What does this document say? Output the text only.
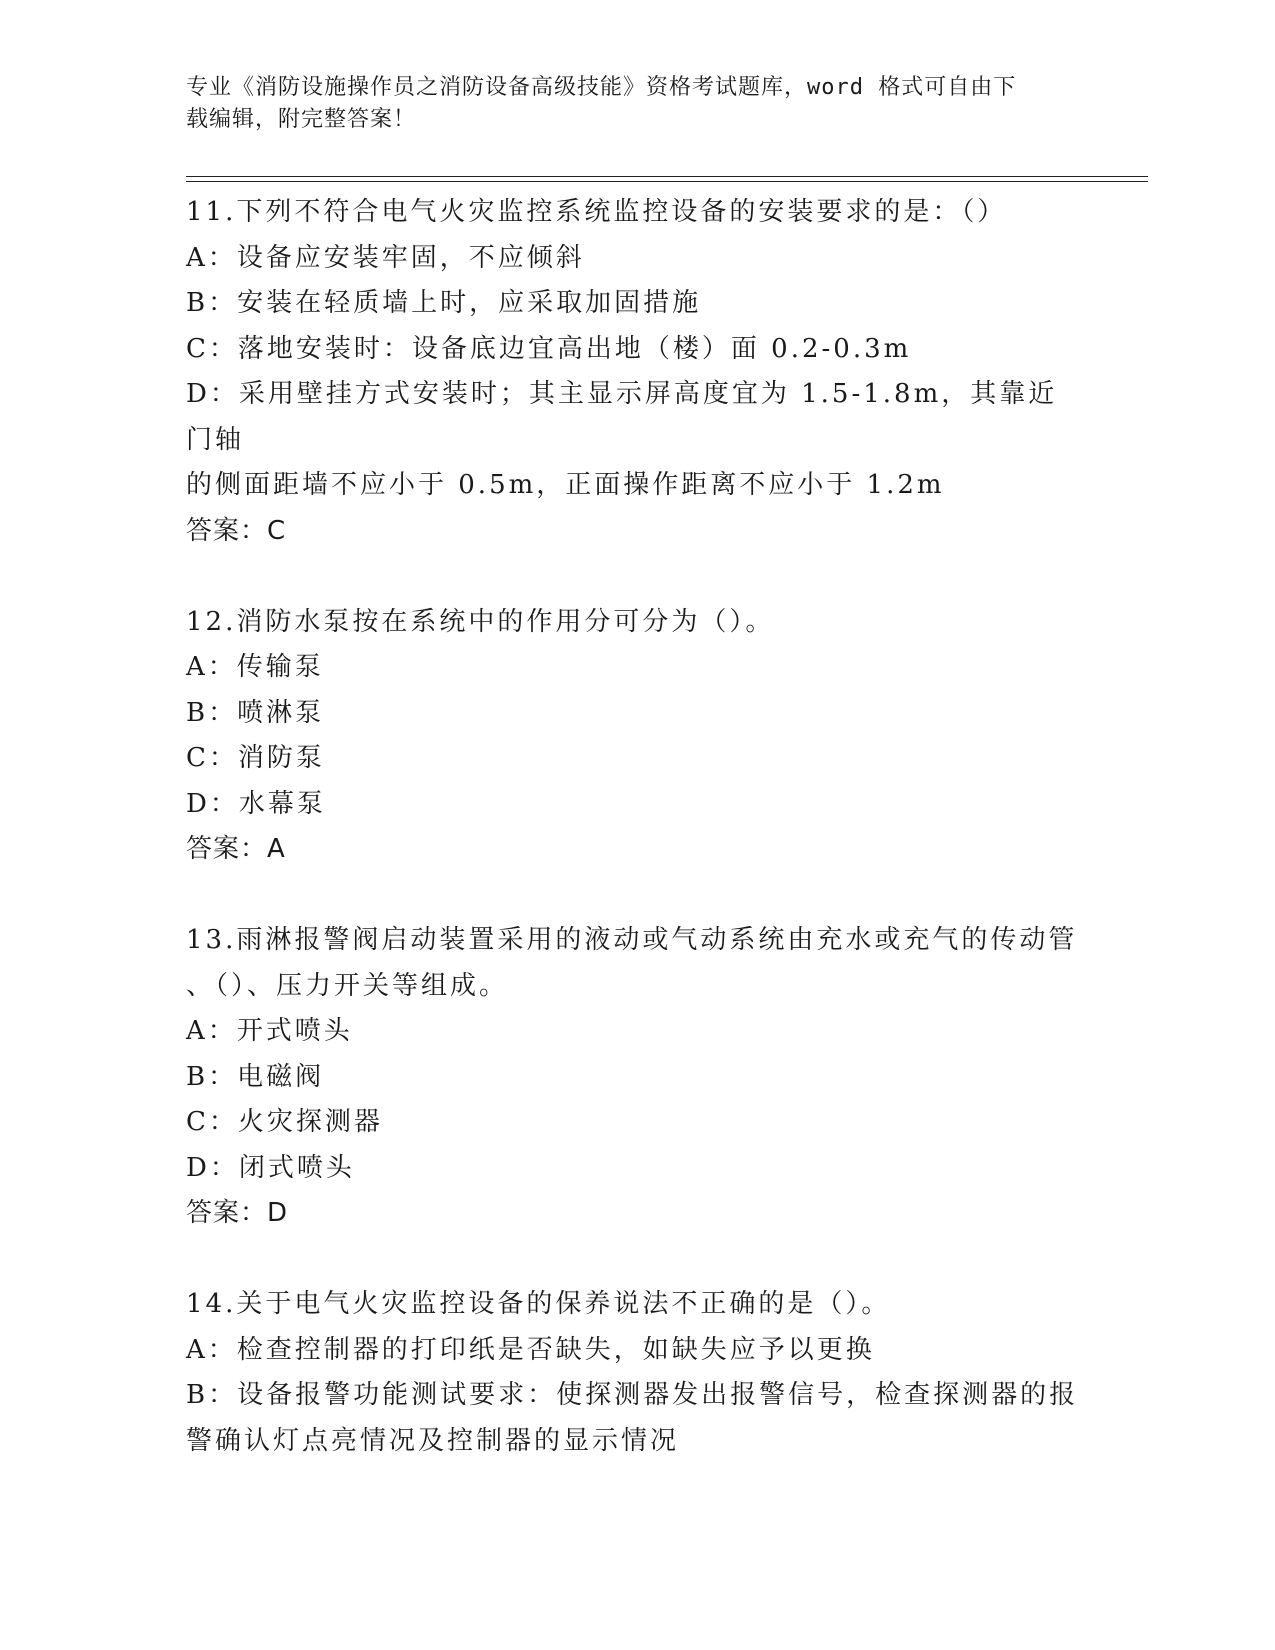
专业《消防设施操作员之消防设备高级技能》资格考试题库，word 格式可自由下
载编辑，附完整答案！
11.下列不符合电气火灾监控系统监控设备的安装要求的是：（）
A：设备应安装牢固，不应倾斜
B：安装在轻质墙上时，应采取加固措施
C：落地安装时：设备底边宜高出地（楼）面 0.2-0.3m
D：采用壁挂方式安装时；其主显示屏高度宜为 1.5-1.8m，其靠近门轴
的侧面距墙不应小于 0.5m，正面操作距离不应小于 1.2m
答案：C
12.消防水泵按在系统中的作用分可分为（）。
A：传输泵
B：喷淋泵
C：消防泵
D：水幕泵
答案：A
13.雨淋报警阀启动装置采用的液动或气动系统由充水或充气的传动管
、（）、压力开关等组成。
A：开式喷头
B：电磁阀
C：火灾探测器
D：闭式喷头
答案：D
14.关于电气火灾监控设备的保养说法不正确的是（）。
A：检查控制器的打印纸是否缺失，如缺失应予以更换
B：设备报警功能测试要求：使探测器发出报警信号，检查探测器的报
警确认灯点亮情况及控制器的显示情况
